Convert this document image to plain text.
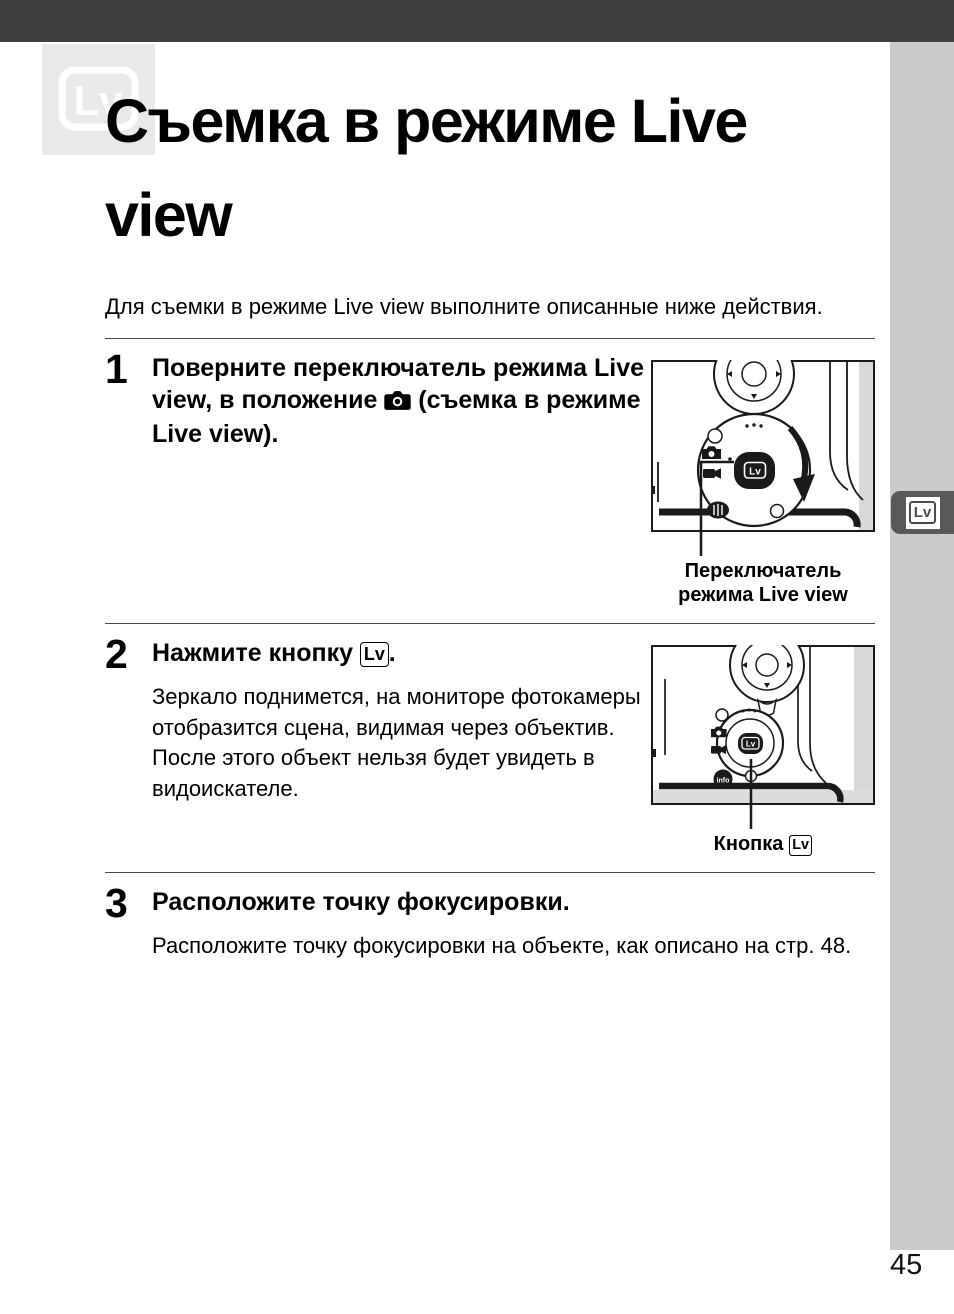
Lv
Lv
Съемка в режиме Live view

Для съемки в режиме Live view выполните описанные ниже действия.

1	Поверните переключатель режима Live view, в положение  (съемка в режиме Live view).
Lv
Переключатель режима Live view
2	Нажмите кнопку Lv .

Зеркало поднимется, на мониторе фотокамеры отобразится сцена, видимая через объектив. После этого объект нельзя будет увидеть в видоискателе.

Lv
info
Кнопка Lv
3	Расположите точку фокусировки.

Расположите точку фокусировки на объекте, как описано на стр. 48.

45
